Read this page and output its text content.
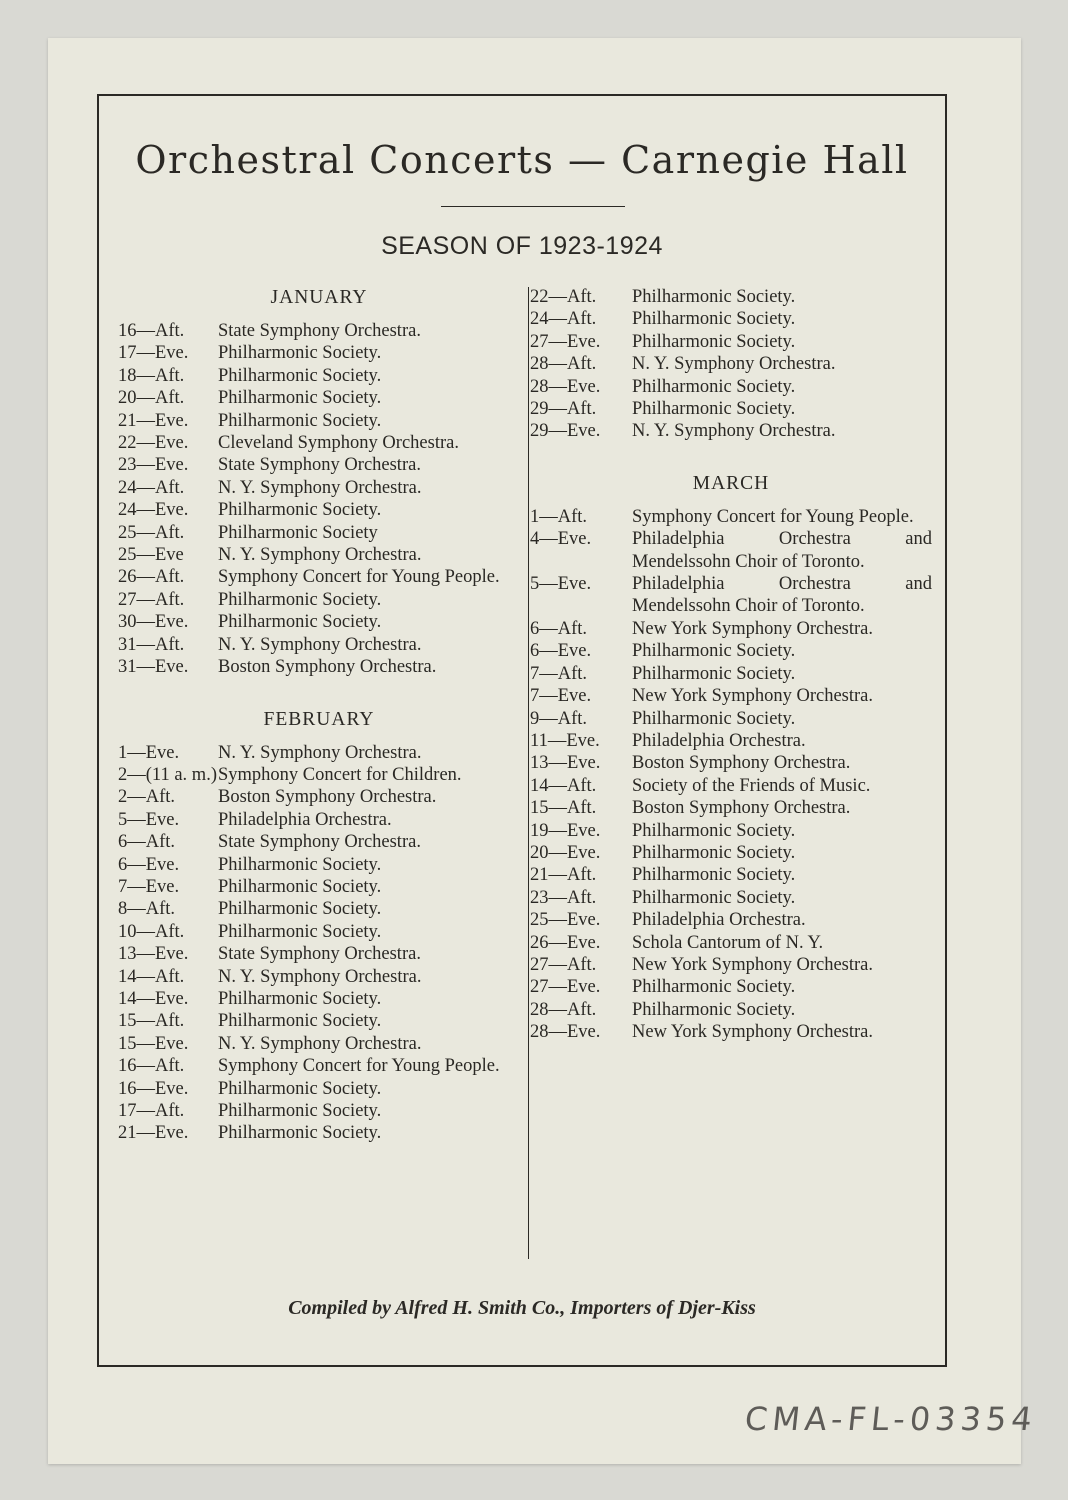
Orchestral Concerts — Carnegie Hall
SEASON OF 1923-1924
JANUARY
16—Aft.	State Symphony Orchestra.
17—Eve.	Philharmonic Society.
18—Aft.	Philharmonic Society.
20—Aft.	Philharmonic Society.
21—Eve.	Philharmonic Society.
22—Eve.	Cleveland Symphony Orchestra.
23—Eve.	State Symphony Orchestra.
24—Aft.	N. Y. Symphony Orchestra.
24—Eve.	Philharmonic Society.
25—Aft.	Philharmonic Society
25—Eve	N. Y. Symphony Orchestra.
26—Aft.	Symphony Concert for Young People.
27—Aft.	Philharmonic Society.
30—Eve.	Philharmonic Society.
31—Aft.	N. Y. Symphony Orchestra.
31—Eve.	Boston Symphony Orchestra.
FEBRUARY
1—Eve.	N. Y. Symphony Orchestra.
2—(11 a. m.) Symphony Concert for Children.
2—Aft.	Boston Symphony Orchestra.
5—Eve.	Philadelphia Orchestra.
6—Aft.	State Symphony Orchestra.
6—Eve.	Philharmonic Society.
7—Eve.	Philharmonic Society.
8—Aft.	Philharmonic Society.
10—Aft.	Philharmonic Society.
13—Eve.	State Symphony Orchestra.
14—Aft.	N. Y. Symphony Orchestra.
14—Eve.	Philharmonic Society.
15—Aft.	Philharmonic Society.
15—Eve.	N. Y. Symphony Orchestra.
16—Aft.	Symphony Concert for Young People.
16—Eve.	Philharmonic Society.
17—Aft.	Philharmonic Society.
21—Eve.	Philharmonic Society.
22—Aft.	Philharmonic Society.
24—Aft.	Philharmonic Society.
27—Eve.	Philharmonic Society.
28—Aft.	N. Y. Symphony Orchestra.
28—Eve.	Philharmonic Society.
29—Aft.	Philharmonic Society.
29—Eve.	N. Y. Symphony Orchestra.
MARCH
1—Aft.	Symphony Concert for Young People.
4—Eve.	Philadelphia Orchestra and Mendelssohn Choir of Toronto.
5—Eve.	Philadelphia Orchestra and Mendelssohn Choir of Toronto.
6—Aft.	New York Symphony Orchestra.
6—Eve.	Philharmonic Society.
7—Aft.	Philharmonic Society.
7—Eve.	New York Symphony Orchestra.
9—Aft.	Philharmonic Society.
11—Eve.	Philadelphia Orchestra.
13—Eve.	Boston Symphony Orchestra.
14—Aft.	Society of the Friends of Music.
15—Aft.	Boston Symphony Orchestra.
19—Eve.	Philharmonic Society.
20—Eve.	Philharmonic Society.
21—Aft.	Philharmonic Society.
23—Aft.	Philharmonic Society.
25—Eve.	Philadelphia Orchestra.
26—Eve.	Schola Cantorum of N. Y.
27—Aft.	New York Symphony Orchestra.
27—Eve.	Philharmonic Society.
28—Aft.	Philharmonic Society.
28—Eve.	New York Symphony Orchestra.
Compiled by Alfred H. Smith Co., Importers of Djer-Kiss
CMA-FL-03354
